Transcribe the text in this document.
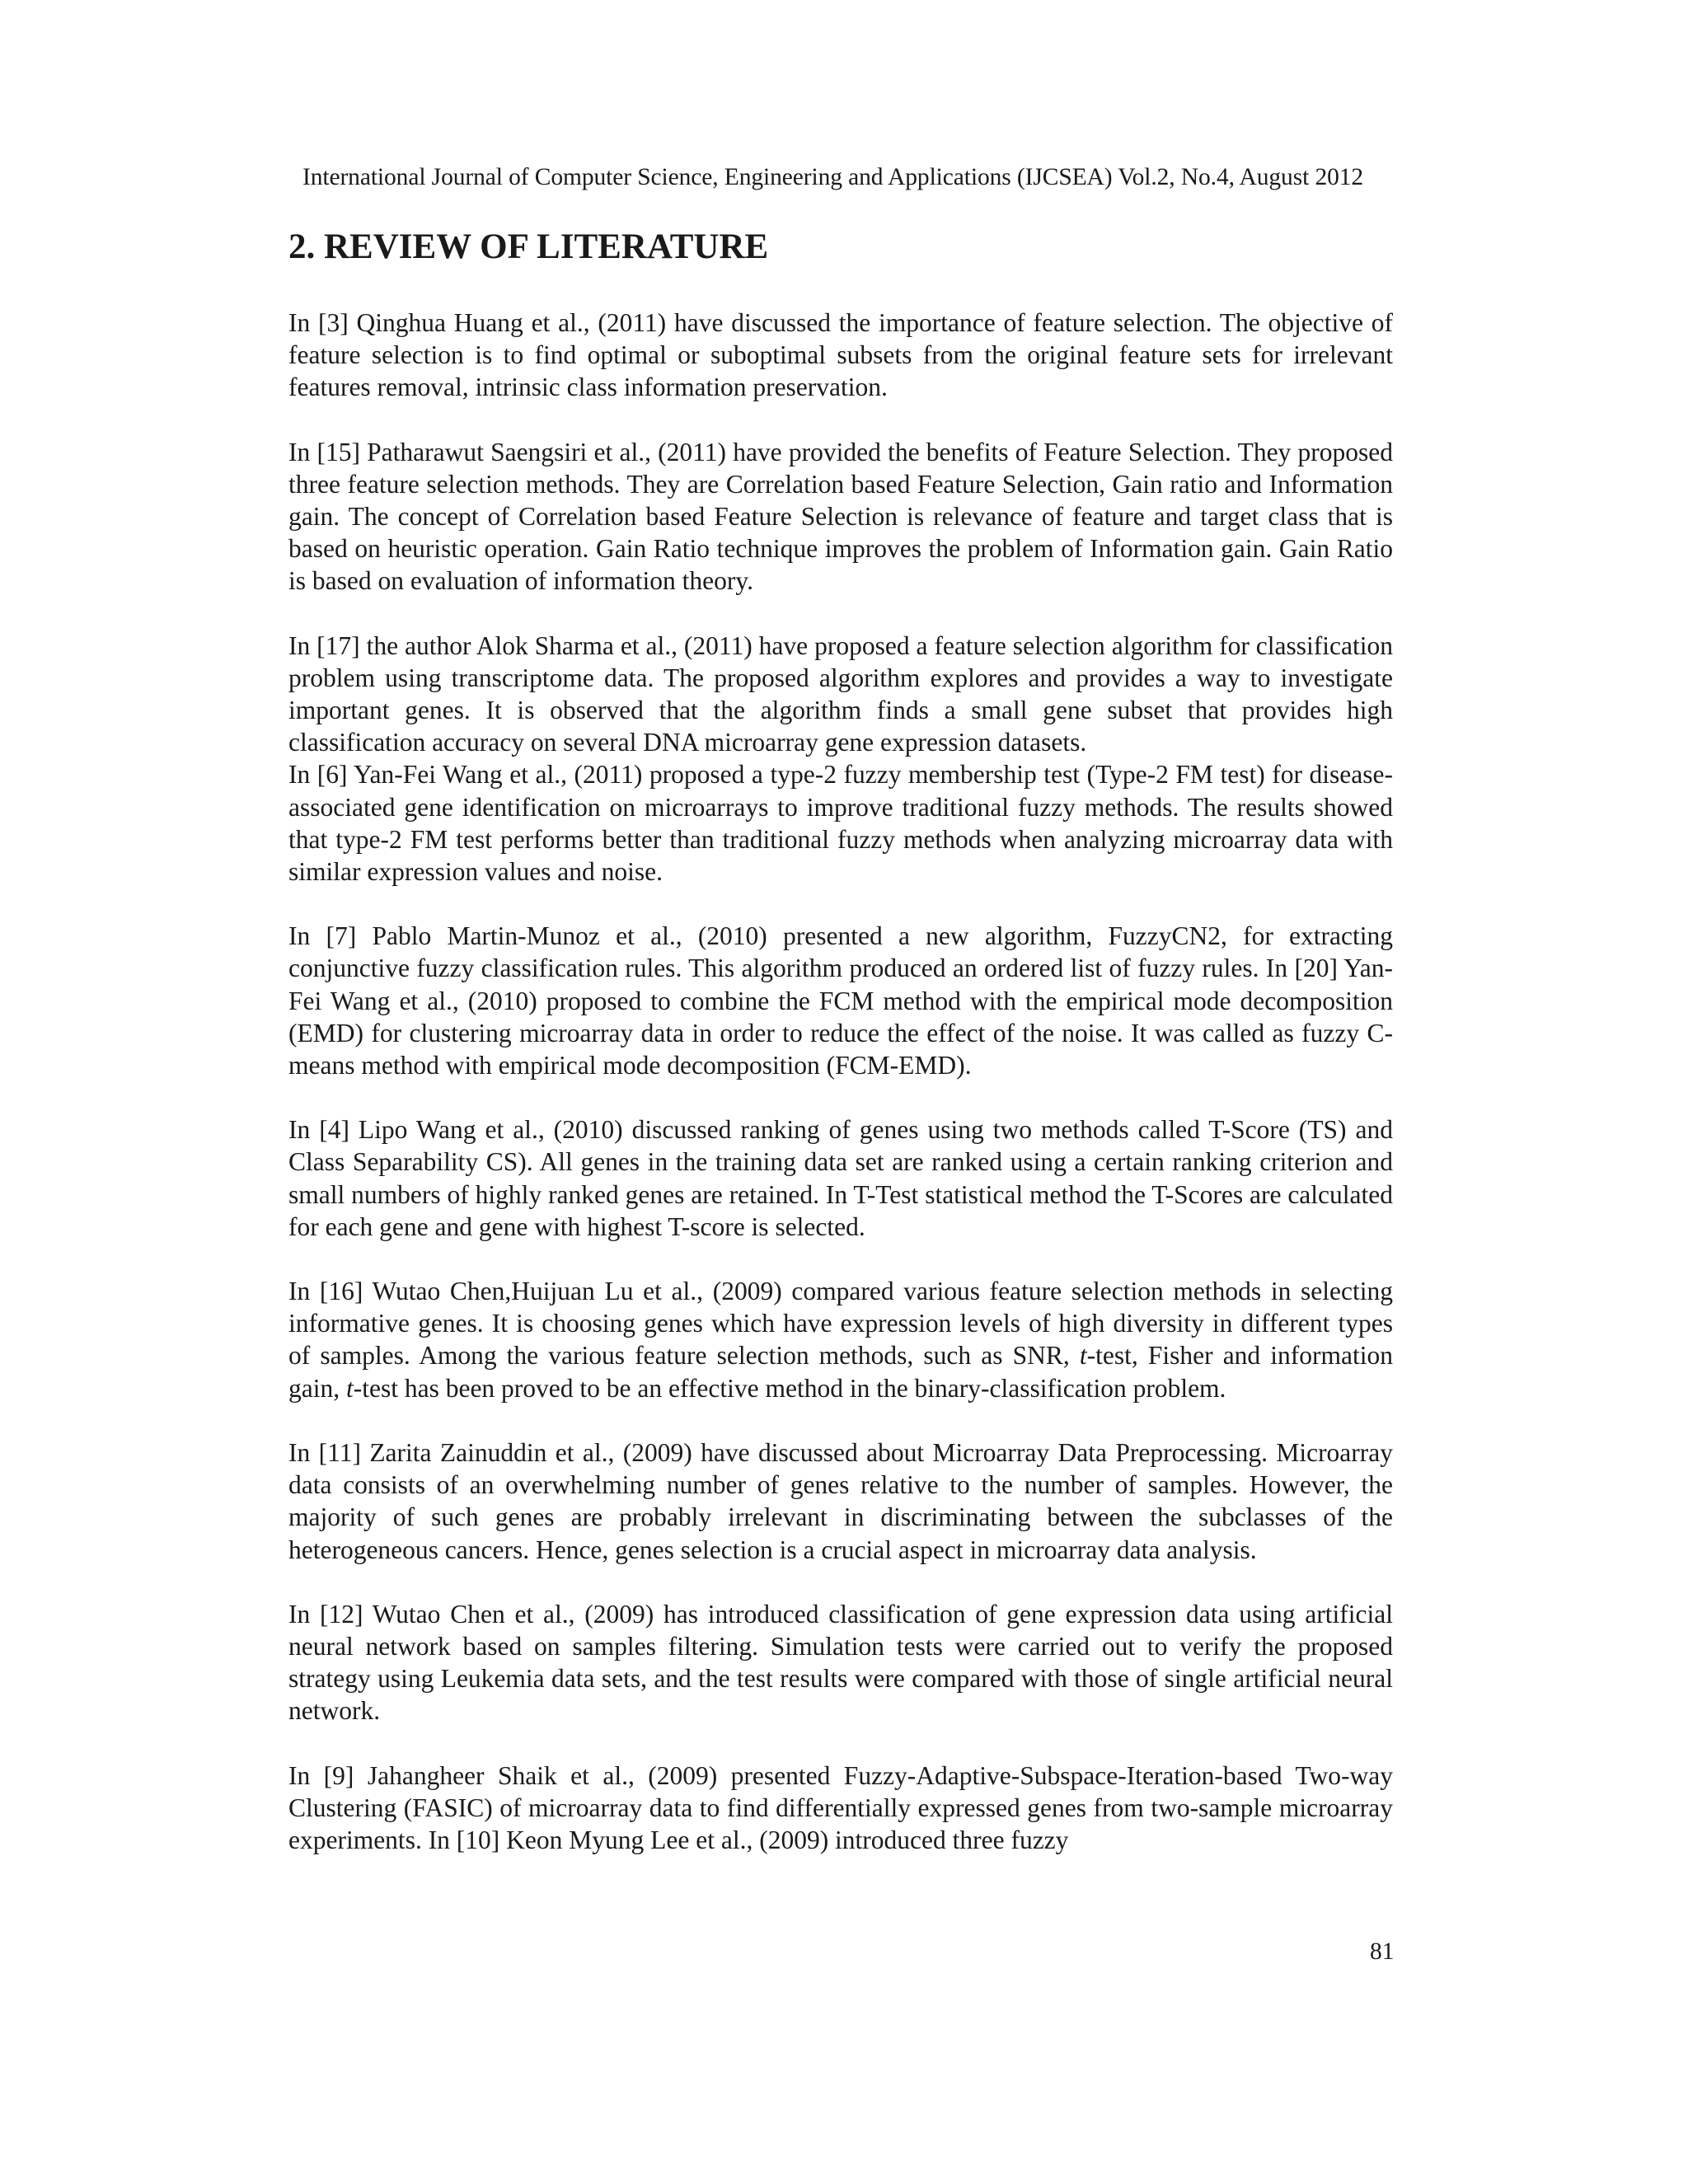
International Journal of Computer Science, Engineering and Applications (IJCSEA) Vol.2, No.4, August 2012
2. REVIEW OF LITERATURE

In [3] Qinghua Huang et al., (2011) have discussed the importance of feature selection. The objective of feature selection is to find optimal or suboptimal subsets from the original feature sets for irrelevant features removal, intrinsic class information preservation.

In [15] Patharawut Saengsiri et al., (2011) have provided the benefits of Feature Selection. They proposed three feature selection methods. They are Correlation based Feature Selection, Gain ratio and Information gain. The concept of Correlation based Feature Selection is relevance of feature and target class that is based on heuristic operation. Gain Ratio technique improves the problem of Information gain. Gain Ratio is based on evaluation of information theory.

In [17] the author Alok Sharma et al., (2011) have proposed a feature selection algorithm for classification problem using transcriptome data. The proposed algorithm explores and provides a way to investigate important genes. It is observed that the algorithm finds a small gene subset that provides high classification accuracy on several DNA microarray gene expression datasets.

In [6] Yan-Fei Wang et al., (2011) proposed a type-2 fuzzy membership test (Type-2 FM test) for disease-associated gene identification on microarrays to improve traditional fuzzy methods. The results showed that type-2 FM test performs better than traditional fuzzy methods when analyzing microarray data with similar expression values and noise.

In [7] Pablo Martin-Munoz et al., (2010) presented a new algorithm, FuzzyCN2, for extracting conjunctive fuzzy classification rules. This algorithm produced an ordered list of fuzzy rules. In [20] Yan-Fei Wang et al., (2010) proposed to combine the FCM method with the empirical mode decomposition (EMD) for clustering microarray data in order to reduce the effect of the noise. It was called as fuzzy C-means method with empirical mode decomposition (FCM-EMD).

In [4] Lipo Wang et al., (2010) discussed ranking of genes using two methods called T-Score (TS) and Class Separability CS). All genes in the training data set are ranked using a certain ranking criterion and small numbers of highly ranked genes are retained. In T-Test statistical method the T-Scores are calculated for each gene and gene with highest T-score is selected.

In [16] Wutao Chen,Huijuan Lu et al., (2009) compared various feature selection methods in selecting informative genes. It is choosing genes which have expression levels of high diversity in different types of samples. Among the various feature selection methods, such as SNR, t-test, Fisher and information gain, t-test has been proved to be an effective method in the binary-classification problem.

In [11] Zarita Zainuddin et al., (2009) have discussed about Microarray Data Preprocessing. Microarray data consists of an overwhelming number of genes relative to the number of samples. However, the majority of such genes are probably irrelevant in discriminating between the subclasses of the heterogeneous cancers. Hence, genes selection is a crucial aspect in microarray data analysis.

In [12] Wutao Chen et al., (2009) has introduced classification of gene expression data using artificial neural network based on samples filtering. Simulation tests were carried out to verify the proposed strategy using Leukemia data sets, and the test results were compared with those of single artificial neural network.

In [9] Jahangheer Shaik et al., (2009) presented Fuzzy-Adaptive-Subspace-Iteration-based Two-way Clustering (FASIC) of microarray data to find differentially expressed genes from two-sample microarray experiments. In [10] Keon Myung Lee et al., (2009) introduced three fuzzy

81
